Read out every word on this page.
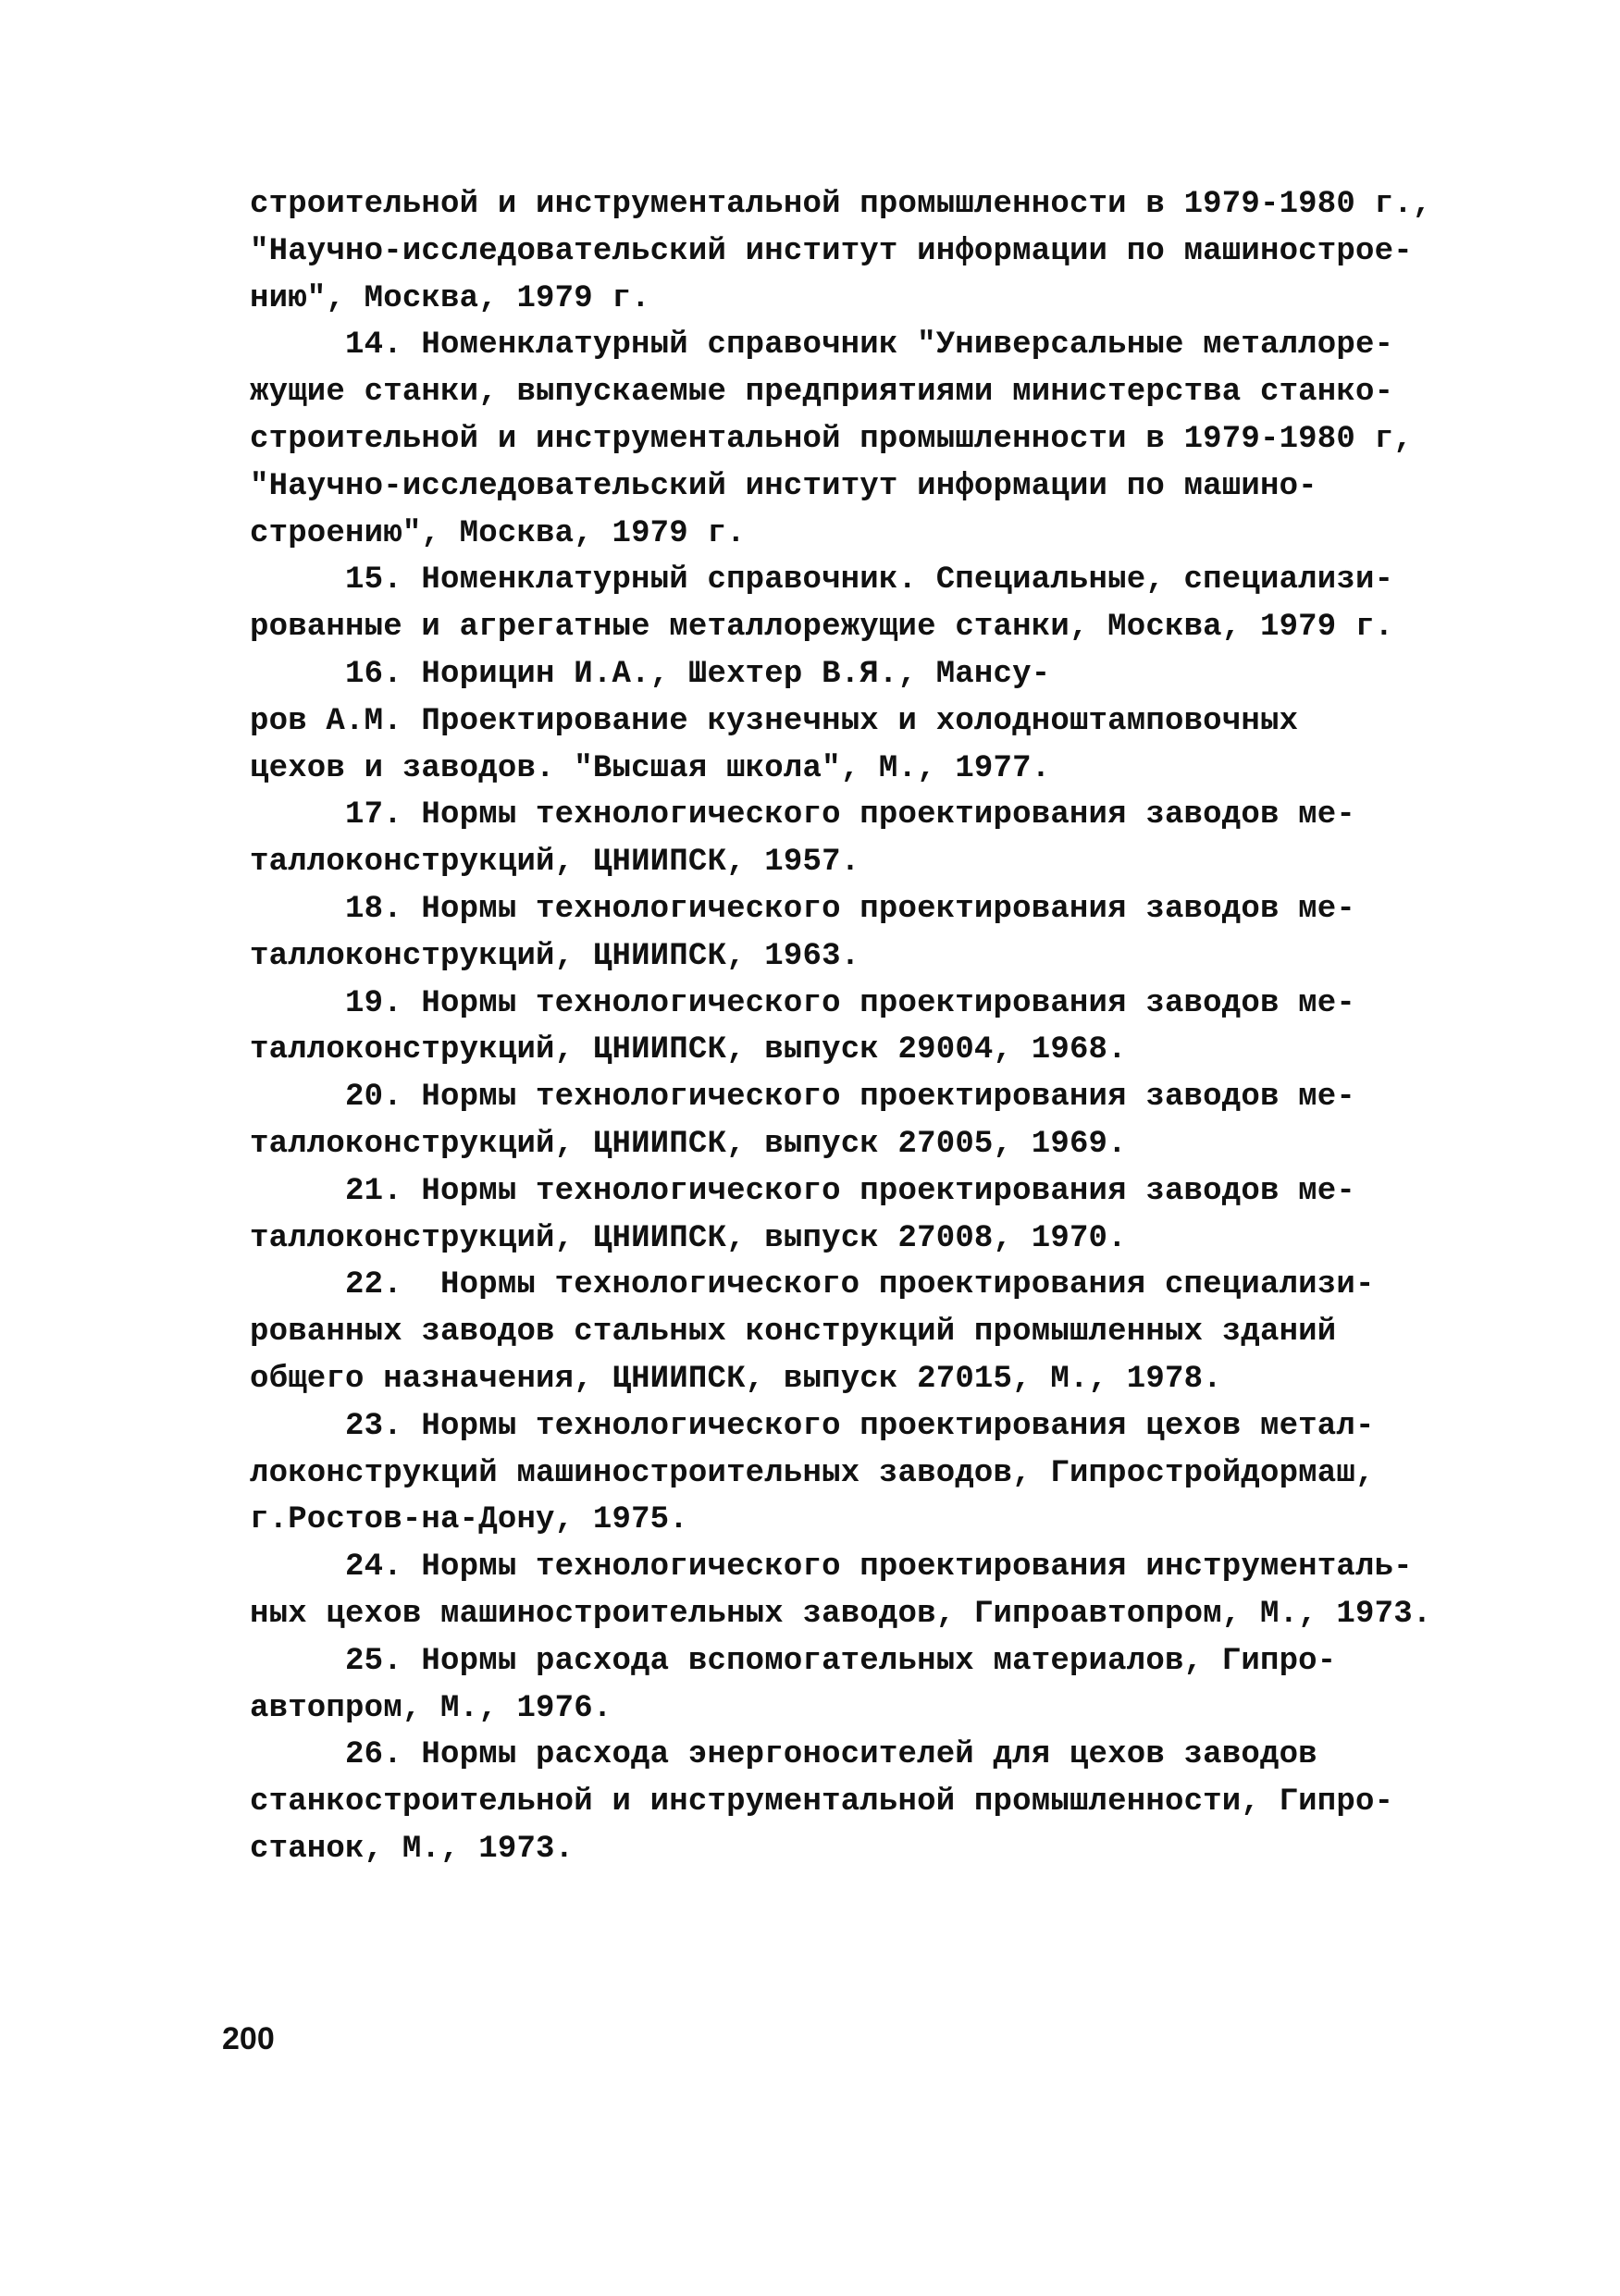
строительной и инструментальной промышленности в 1979-1980 г.,
"Научно-исследовательский институт информации по машинострое-
нию", Москва, 1979 г.
14. Номенклатурный справочник "Универсальные металлоре-
жущие станки, выпускаемые предприятиями министерства станко-
строительной и инструментальной промышленности в 1979-1980 г,
"Научно-исследовательский институт информации по машино-
строению", Москва, 1979 г.
15. Номенклатурный справочник. Специальные, специализи-
рованные и агрегатные металлорежущие станки, Москва, 1979 г.
16. Норицин И.А., Шехтер В.Я., Мансу-
ров А.М. Проектирование кузнечных и холодноштамповочных
цехов и заводов. "Высшая школа", М., 1977.
17. Нормы технологического проектирования заводов ме-
таллоконструкций, ЦНИИПСК, 1957.
18. Нормы технологического проектирования заводов ме-
таллоконструкций, ЦНИИПСК, 1963.
19. Нормы технологического проектирования заводов ме-
таллоконструкций, ЦНИИПСК, выпуск 29004, 1968.
20. Нормы технологического проектирования заводов ме-
таллоконструкций, ЦНИИПСК, выпуск 27005, 1969.
21. Нормы технологического проектирования заводов ме-
таллоконструкций, ЦНИИПСК, выпуск 27008, 1970.
22.  Нормы технологического проектирования специализи-
рованных заводов стальных конструкций промышленных зданий
общего назначения, ЦНИИПСК, выпуск 27015, М., 1978.
23. Нормы технологического проектирования цехов метал-
локонструкций машиностроительных заводов, Гипростройдормаш,
г.Ростов-на-Дону, 1975.
24. Нормы технологического проектирования инструменталь-
ных цехов машиностроительных заводов, Гипроавтопром, М., 1973.
25. Нормы расхода вспомогательных материалов, Гипро-
автопром, М., 1976.
26. Нормы расхода энергоносителей для цехов заводов
станкостроительной и инструментальной промышленности, Гипро-
станок, М., 1973.
200
